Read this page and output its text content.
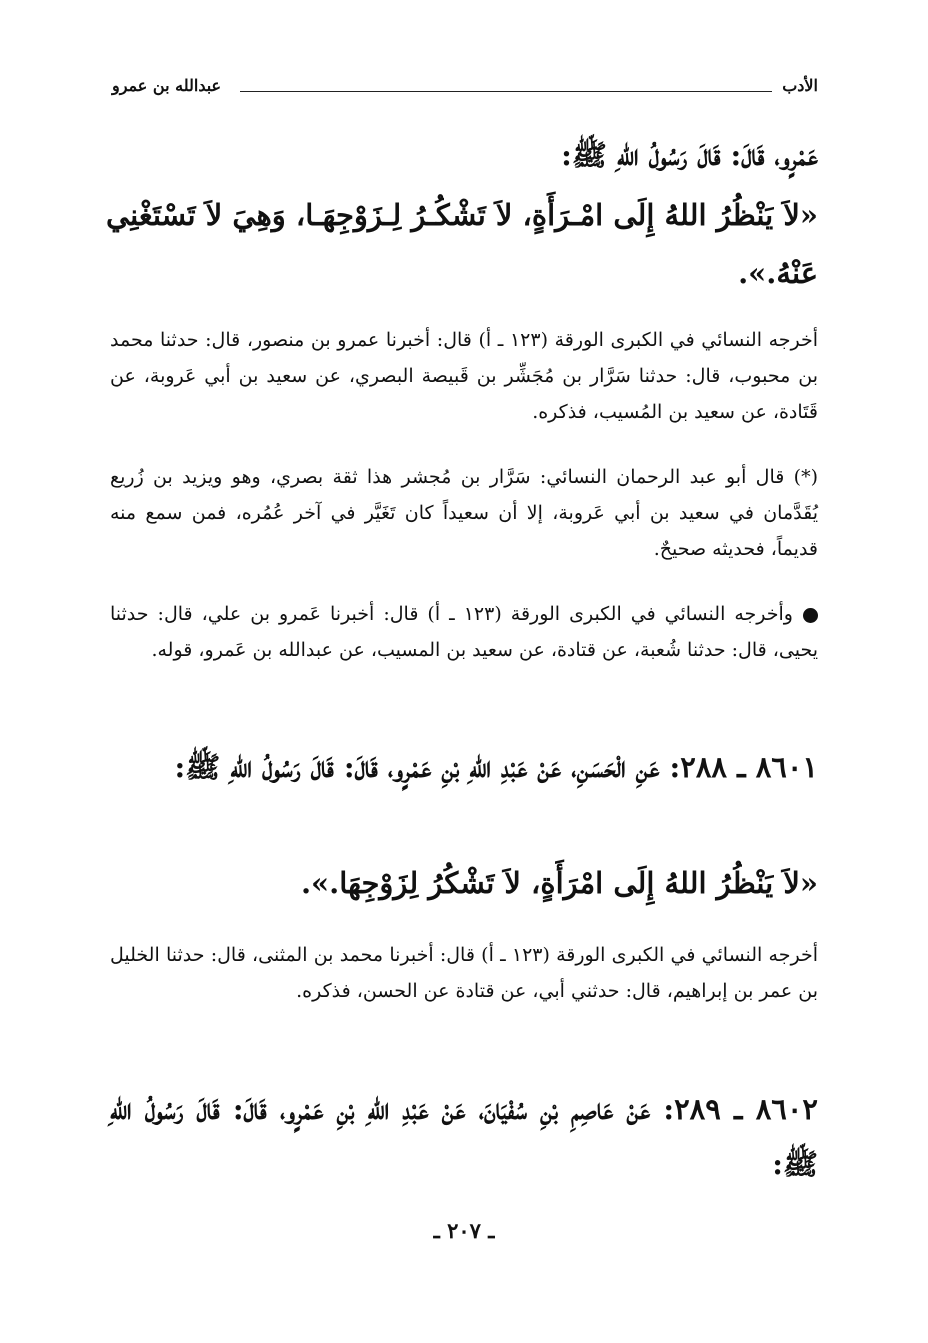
الأدب
عبدالله بن عمرو
عَمْرٍو، قَالَ: قَالَ رَسُولُ اللهِ ﷺ:
«لاَ يَنْظُرُ اللهُ إِلَى امْـرَأَةٍ، لاَ تَشْكُـرُ لِـزَوْجِهَـا، وَهِيَ لاَ تَسْتَغْنِي عَنْهُ.».
أخرجه النسائي في الكبرى الورقة (١٢٣ ـ أ) قال: أخبرنا عمرو بن منصور، قال: حدثنا محمد بن محبوب، قال: حدثنا سَرَّار بن مُجَشِّر بن قَبيصة البصري، عن سعيد بن أبي عَروبة، عن قَتَادة، عن سعيد بن المُسيب، فذكره.
(*) قال أبو عبد الرحمان النسائي: سَرَّار بن مُجشر هذا ثقة بصري، وهو ويزيد بن زُريع يُقَدَّمان في سعيد بن أبي عَروبة، إلا أن سعيداً كان تَغَيَّر في آخر عُمُره، فمن سمع منه قديماً، فحديثه صحيحٌ.
وأخرجه النسائي في الكبرى الورقة (١٢٣ ـ أ) قال: أخبرنا عَمرو بن علي، قال: حدثنا يحيى، قال: حدثنا شُعبة، عن قتادة، عن سعيد بن المسيب، عن عبدالله بن عَمرو، قوله.
٨٦٠١ ـ ٢٨٨: عَنِ الْحَسَنِ، عَنْ عَبْدِ اللهِ بْنِ عَمْرٍو، قَالَ: قَالَ رَسُولُ اللهِ ﷺ:
«لاَ يَنْظُرُ اللهُ إِلَى امْرَأَةٍ، لاَ تَشْكُرُ لِزَوْجِهَا.».
أخرجه النسائي في الكبرى الورقة (١٢٣ ـ أ) قال: أخبرنا محمد بن المثنى، قال: حدثنا الخليل بن عمر بن إبراهيم، قال: حدثني أبي، عن قتادة عن الحسن، فذكره.
٨٦٠٢ ـ ٢٨٩: عَنْ عَاصِمِ بْنِ سُفْيَانَ، عَنْ عَبْدِ اللهِ بْنِ عَمْرٍو، قَالَ: قَالَ رَسُولُ اللهِ ﷺ:
ـ ٢٠٧ ـ
